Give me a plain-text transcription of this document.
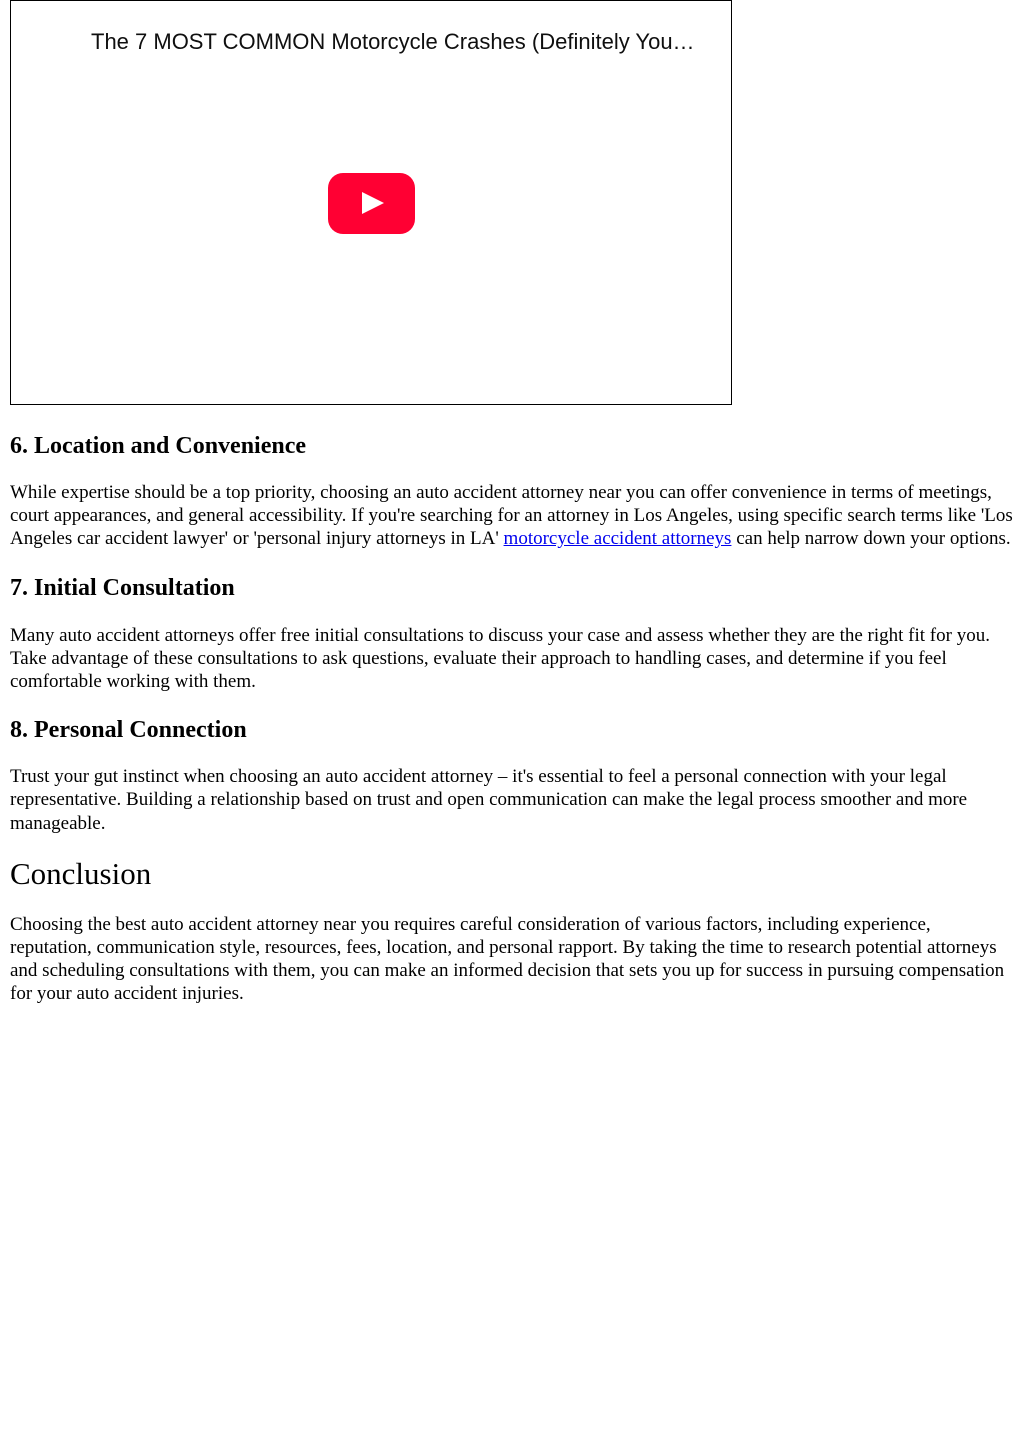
The 7 MOST COMMON Motorcycle Crashes (Definitely You…
6. Location and Convenience

While expertise should be a top priority, choosing an auto accident attorney near you can offer convenience in terms of meetings, court appearances, and general accessibility. If you're searching for an attorney in Los Angeles, using specific search terms like 'Los Angeles car accident lawyer' or 'personal injury attorneys in LA' motorcycle accident attorneys can help narrow down your options.

7. Initial Consultation

Many auto accident attorneys offer free initial consultations to discuss your case and assess whether they are the right fit for you. Take advantage of these consultations to ask questions, evaluate their approach to handling cases, and determine if you feel comfortable working with them.

8. Personal Connection

Trust your gut instinct when choosing an auto accident attorney – it's essential to feel a personal connection with your legal representative. Building a relationship based on trust and open communication can make the legal process smoother and more manageable.

Conclusion

Choosing the best auto accident attorney near you requires careful consideration of various factors, including experience, reputation, communication style, resources, fees, location, and personal rapport. By taking the time to research potential attorneys and scheduling consultations with them, you can make an informed decision that sets you up for success in pursuing compensation for your auto accident injuries.
